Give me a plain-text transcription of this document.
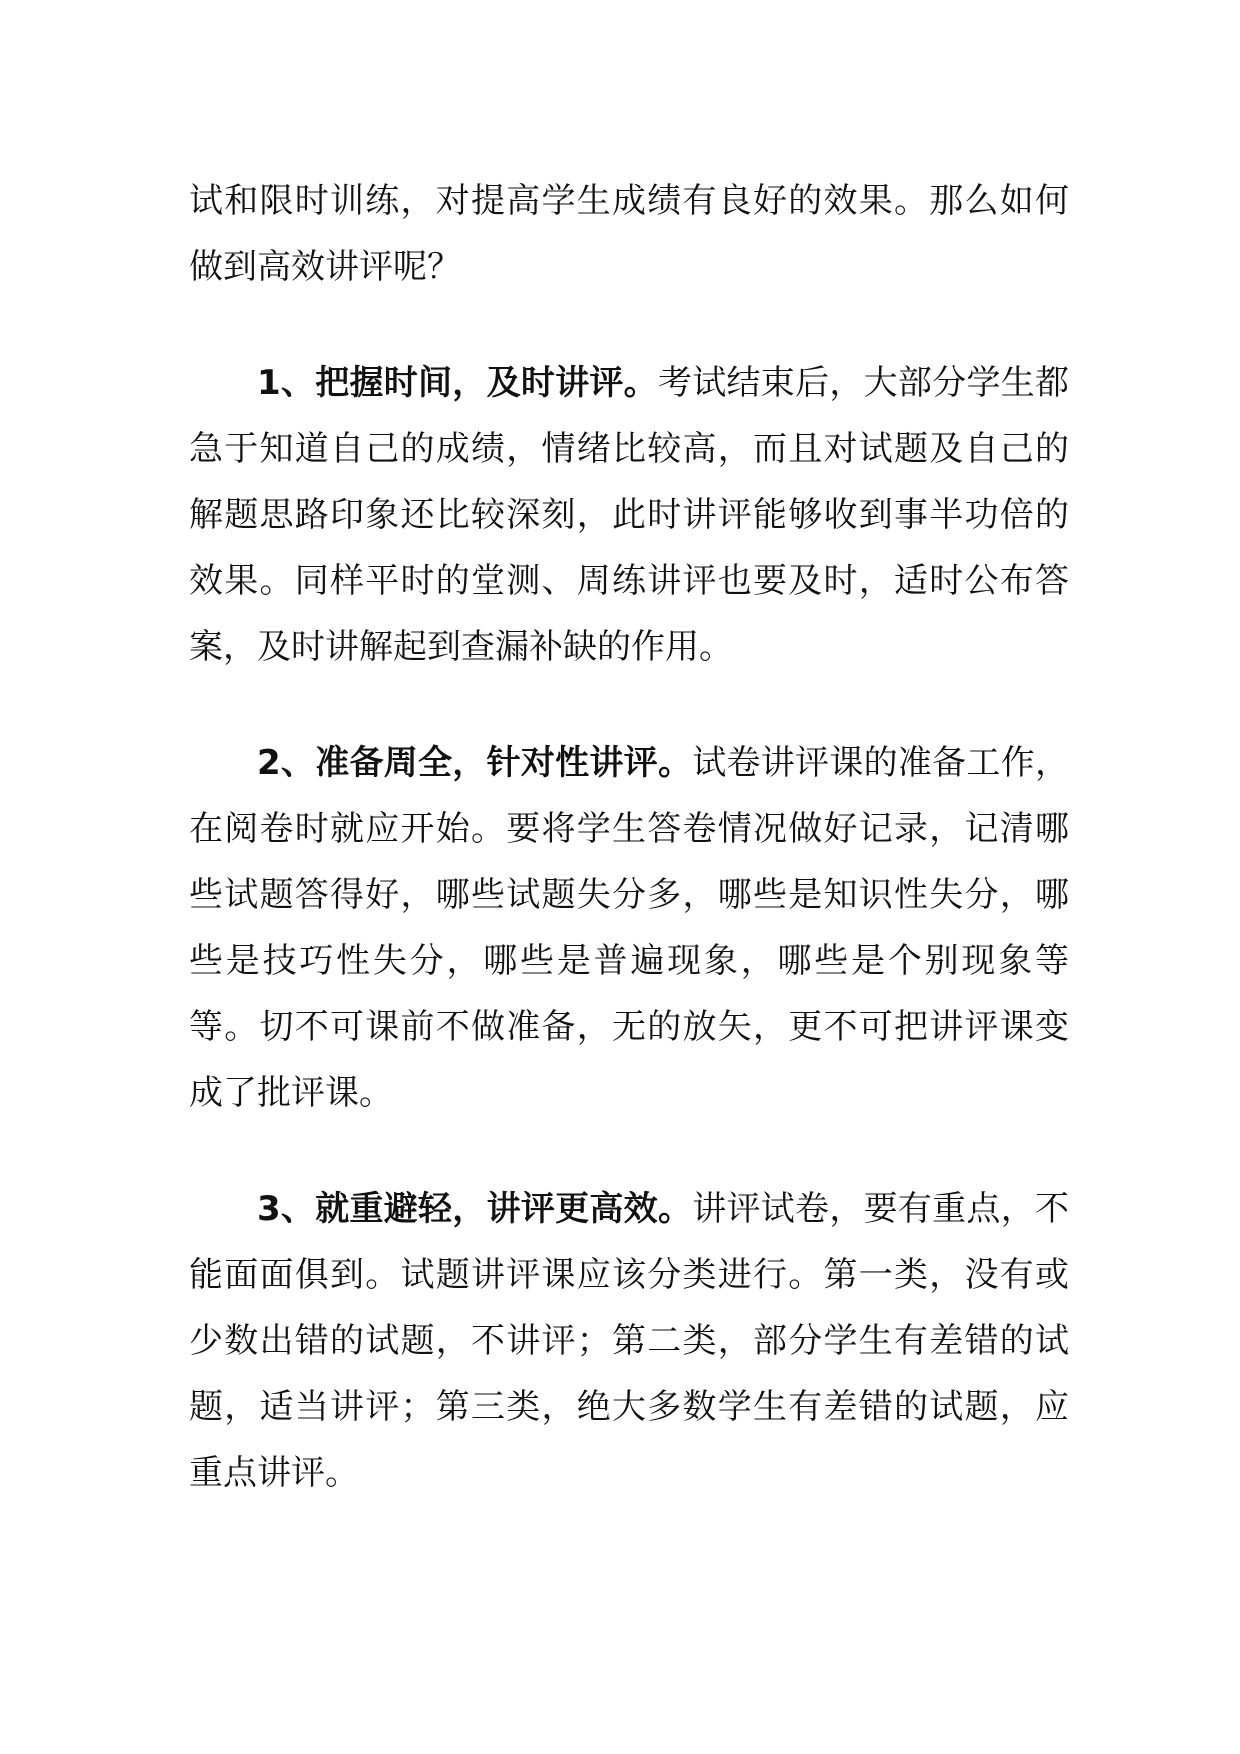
试和限时训练，对提高学生成绩有良好的效果。那么如何做到高效讲评呢？

1、把握时间，及时讲评。考试结束后，大部分学生都急于知道自己的成绩，情绪比较高，而且对试题及自己的解题思路印象还比较深刻，此时讲评能够收到事半功倍的效果。同样平时的堂测、周练讲评也要及时，适时公布答案，及时讲解起到查漏补缺的作用。

2、准备周全，针对性讲评。试卷讲评课的准备工作，在阅卷时就应开始。要将学生答卷情况做好记录，记清哪些试题答得好，哪些试题失分多，哪些是知识性失分，哪些是技巧性失分，哪些是普遍现象，哪些是个别现象等等。切不可课前不做准备，无的放矢，更不可把讲评课变成了批评课。

3、就重避轻，讲评更高效。讲评试卷，要有重点，不能面面俱到。试题讲评课应该分类进行。第一类，没有或少数出错的试题，不讲评；第二类，部分学生有差错的试题，适当讲评；第三类，绝大多数学生有差错的试题，应重点讲评。
